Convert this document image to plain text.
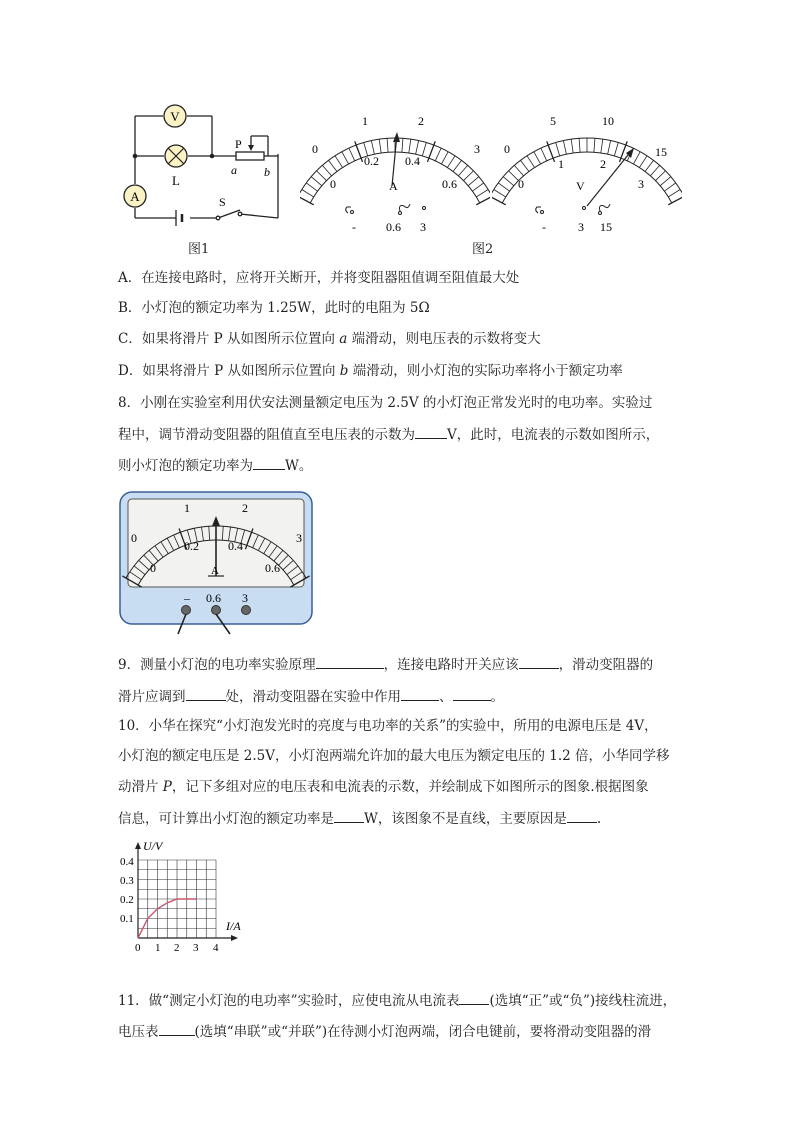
V
L
A
P
a b
S
图1
0
1	2
3
0
0.2 0.4
0.6
A
-	0.6 3
0
5	10
15
0
1	2
3
V
-	3 15
图2
A．在连接电路时，应将开关断开，并将变阻器阻值调至阻值最大处
B．小灯泡的额定功率为 1.25W，此时的电阻为 5Ω
C．如果将滑片 P 从如图所示位置向 a 端滑动，则电压表的示数将变大
D．如果将滑片 P 从如图所示位置向 b 端滑动，则小灯泡的实际功率将小于额定功率
8．小刚在实验室利用伏安法测量额定电压为 2.5V 的小灯泡正常发光时的电功率。实验过
程中，调节滑动变阻器的阻值直至电压表的示数为 V，此时，电流表的示数如图所示，
则小灯泡的额定功率为 W。
0
1	2
3
0
0.2 0.4
0.6
A
– 0.6 3
9．测量小灯泡的电功率实验原理	，连接电路时开关应该	，滑动变阻器的
滑片应调到	处，滑动变阻器在实验中作用	、	。
10．小华在探究“小灯泡发光时的亮度与电功率的关系”的实验中，所用的电源电压是 4V，
小灯泡的额定电压是 2.5V，小灯泡两端允许加的最大电压为额定电压的 1.2 倍，小华同学移
动滑片 P，记下多组对应的电压表和电流表的示数，并绘制成下如图所示的图象.根据图象
信息，可计算出小灯泡的额定功率是 W，该图象不是直线，主要原因是 .
U/V
I/A
0.4
0.3
0.2
0.1
0 1 2 3 4
11．做“测定小灯泡的电功率”实验时，应使电流从电流表 (选填“正”或“负”)接线柱流进，
电压表	(选填“串联”或“并联”)在待测小灯泡两端，闭合电键前，要将滑动变阻器的滑
